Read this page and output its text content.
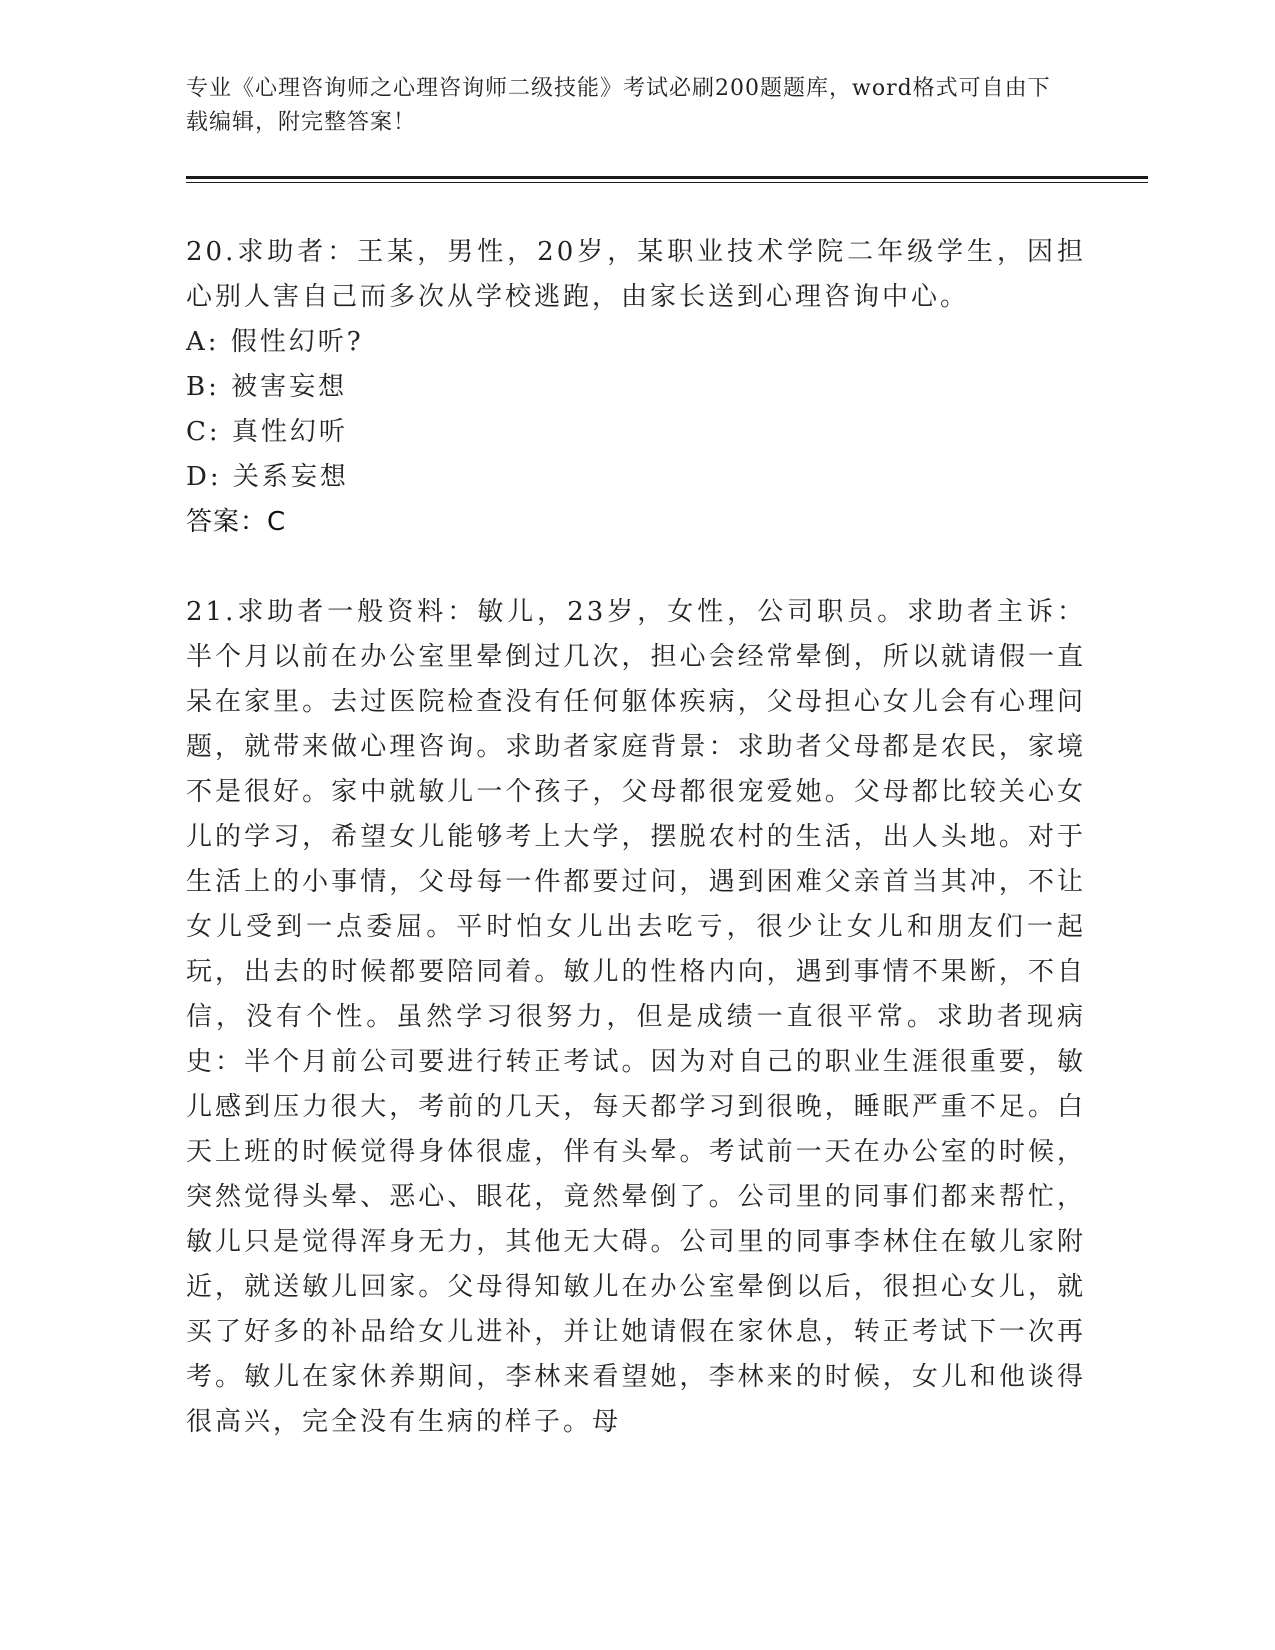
专业《心理咨询师之心理咨询师二级技能》考试必刷200题题库，word格式可自由下载编辑，附完整答案！

20.求助者：王某，男性，20岁，某职业技术学院二年级学生，因担心别人害自己而多次从学校逃跑，由家长送到心理咨询中心。

A: 假性幻听?

B: 被害妄想

C: 真性幻听

D: 关系妄想

答案：C

21.求助者一般资料：敏儿，23岁，女性，公司职员。求助者主诉：半个月以前在办公室里晕倒过几次，担心会经常晕倒，所以就请假一直呆在家里。去过医院检查没有任何躯体疾病，父母担心女儿会有心理问题，就带来做心理咨询。求助者家庭背景：求助者父母都是农民，家境不是很好。家中就敏儿一个孩子，父母都很宠爱她。父母都比较关心女儿的学习，希望女儿能够考上大学，摆脱农村的生活，出人头地。对于生活上的小事情，父母每一件都要过问，遇到困难父亲首当其冲，不让女儿受到一点委屈。平时怕女儿出去吃亏，很少让女儿和朋友们一起玩，出去的时候都要陪同着。敏儿的性格内向，遇到事情不果断，不自信，没有个性。虽然学习很努力，但是成绩一直很平常。求助者现病史：半个月前公司要进行转正考试。因为对自己的职业生涯很重要，敏儿感到压力很大，考前的几天，每天都学习到很晚，睡眠严重不足。白天上班的时候觉得身体很虚，伴有头晕。考试前一天在办公室的时候，突然觉得头晕、恶心、眼花，竟然晕倒了。公司里的同事们都来帮忙，敏儿只是觉得浑身无力，其他无大碍。公司里的同事李林住在敏儿家附近，就送敏儿回家。父母得知敏儿在办公室晕倒以后，很担心女儿，就买了好多的补品给女儿进补，并让她请假在家休息，转正考试下一次再考。敏儿在家休养期间，李林来看望她，李林来的时候，女儿和他谈得很高兴，完全没有生病的样子。母
